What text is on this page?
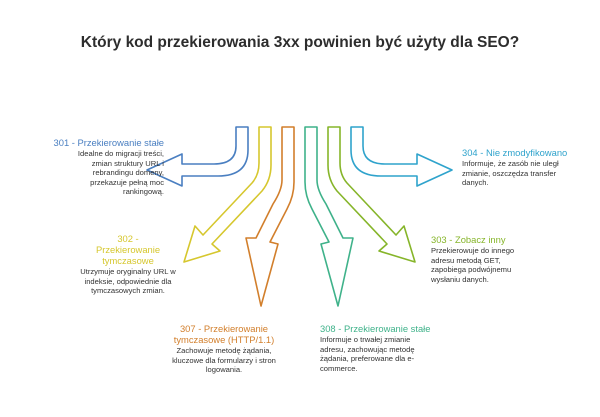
Który kod przekierowania 3xx powinien być użyty dla SEO?
301 - Przekierowanie stałe
Idealne do migracji treści, zmian struktury URL i rebrandingu domeny, przekazuje pełną moc rankingową.
302 - Przekierowanie tymczasowe
Utrzymuje oryginalny URL w indeksie, odpowiednie dla tymczasowych zmian.
307 - Przekierowanie tymczasowe (HTTP/1.1)
Zachowuje metodę żądania, kluczowe dla formularzy i stron logowania.
308 - Przekierowanie stałe
Informuje o trwałej zmianie adresu, zachowując metodę żądania, preferowane dla e-commerce.
303 - Zobacz inny
Przekierowuje do innego adresu metodą GET, zapobiega podwójnemu wysłaniu danych.
304 - Nie zmodyfikowano
Informuje, że zasób nie uległ zmianie, oszczędza transfer danych.
